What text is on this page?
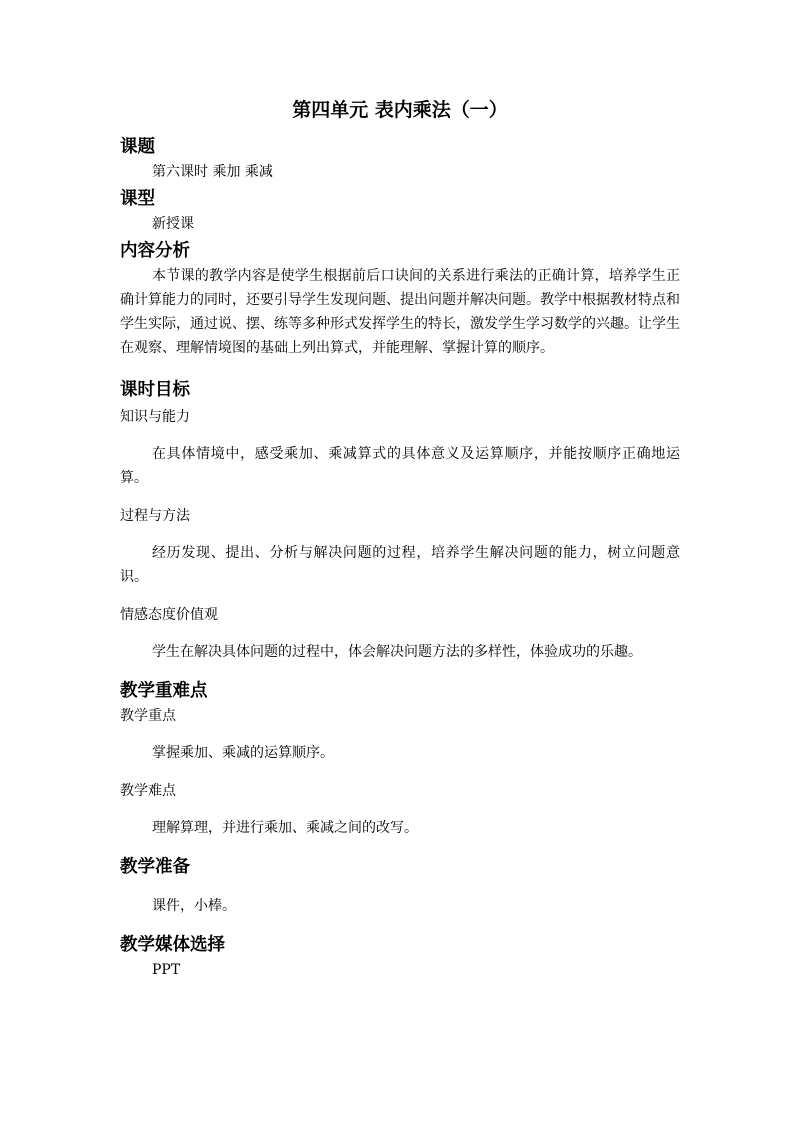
第四单元 表内乘法（一）
课题
第六课时 乘加 乘减
课型
新授课
内容分析
本节课的教学内容是使学生根据前后口诀间的关系进行乘法的正确计算，培养学生正确计算能力的同时，还要引导学生发现问题、提出问题并解决问题。教学中根据教材特点和学生实际，通过说、摆、练等多种形式发挥学生的特长，激发学生学习数学的兴趣。让学生在观察、理解情境图的基础上列出算式，并能理解、掌握计算的顺序。
课时目标
知识与能力
在具体情境中，感受乘加、乘减算式的具体意义及运算顺序，并能按顺序正确地运算。
过程与方法
经历发现、提出、分析与解决问题的过程，培养学生解决问题的能力，树立问题意识。
情感态度价值观
学生在解决具体问题的过程中，体会解决问题方法的多样性，体验成功的乐趣。
教学重难点
教学重点
掌握乘加、乘减的运算顺序。
教学难点
理解算理，并进行乘加、乘减之间的改写。
教学准备
课件，小棒。
教学媒体选择
PPT
